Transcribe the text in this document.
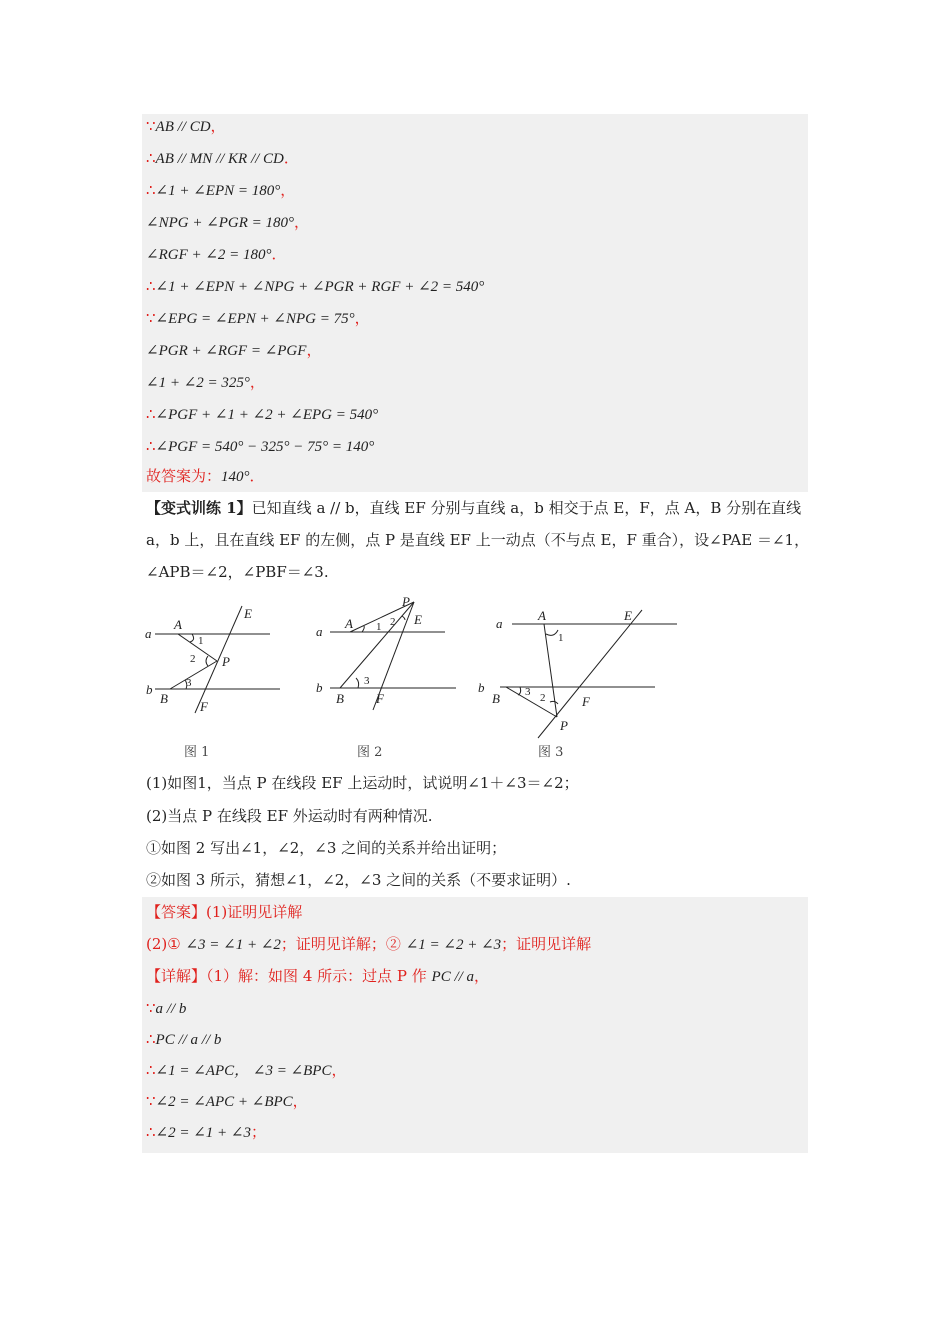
∵AB // CD，
∴AB // MN // KR // CD．
∴∠1 + ∠EPN = 180°，
∠NPG + ∠PGR = 180°，
∠RGF + ∠2 = 180°．
∴∠1 + ∠EPN + ∠NPG + ∠PGR + RGF + ∠2 = 540°
∵∠EPG = ∠EPN + ∠NPG = 75°，
∠PGR + ∠RGF = ∠PGF，
∠1 + ∠2 = 325°，
∴∠PGF + ∠1 + ∠2 + ∠EPG = 540°
∴∠PGF = 540° − 325° − 75° = 140°
故答案为：140°．
【变式训练 1】已知直线 a // b，直线 EF 分别与直线 a，b 相交于点 E，F，点 A，B 分别在直线 a，b 上，且在直线 EF 的左侧，点 P 是直线 EF 上一动点（不与点 E，F 重合），设∠PAE ＝∠1，∠APB＝∠2，∠PBF＝∠3.
a
b
A
B
E
F
P
1
2
3
图 1
a
b
A
B
E
F
P
1 2
3
图 2
a
b
A
B
E
F
P
1
2
3
图 3
(1)如图1，当点 P 在线段 EF 上运动时，试说明∠1＋∠3＝∠2；
(2)当点 P 在线段 EF 外运动时有两种情况.
①如图 2 写出∠1，∠2，∠3 之间的关系并给出证明；
②如图 3 所示，猜想∠1，∠2，∠3 之间的关系（不要求证明）.
【答案】(1)证明见详解
(2)① ∠3 = ∠1 + ∠2；证明见详解；② ∠1 = ∠2 + ∠3；证明见详解
【详解】（1）解：如图 4 所示：过点 P 作 PC // a，
∵a // b
∴PC // a // b
∴∠1 = ∠APC， ∠3 = ∠BPC，
∵∠2 = ∠APC + ∠BPC，
∴∠2 = ∠1 + ∠3；
